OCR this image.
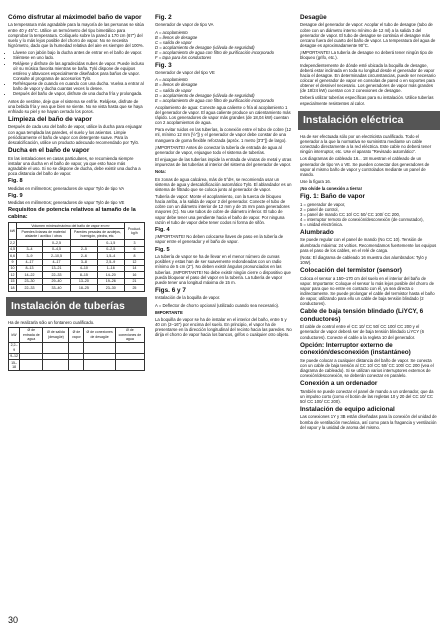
Cómo disfrutar al máximodel baño de vapor

La temperatura más agradable para la mayoría de las personas se sitúa entre 40 y 45°C. Utilice un termómetro del tipo bimetálico para comprobar la temperatura. Colóquelo sobre la pared a 170 cm (67") del suelo y lo más lejos posible del chorro de vapor. No se necesita higrómetro, dado que la humedad relativa del aire es siempre del 100%.

• Lávese con jabón bajo la ducha antes de entrar en el baño de vapor.
• Siéntese en uno lado.
• Relájese y disfrute de las agradecidas nubes de vapor. Puede incluso oír su música favorita mientras se baña. Tyló dispone de equipos estéreo y altavoces especialmente diseñados para baños de vapor. Consulte al programa de accesorios Tylö.
• Refrésquese de cuando en cuando con una ducha. Vuelva a entrar al baño de vapor y ducha cuantas veces lo desee.
• Después del baño de vapor, disfrute de una ducha fría y prolongada.

Antes de vestirse, deje que el sistema se enfríe. Relájese, disfrute de una bebida fría y vea que bien se siente. No se vista hasta que se haya enfriado su piel y se hayan cerrado los poros.

Limpieza del baño de vapor

Después de cada uso del baño de vapor, utilice la ducha para enjuagar con agua templada las paredes, el suelo y los asientos. Limpie periódicamente el baño de vapor con detergente suave. Para la descalcificación, utilice un producto adecuado recomendado por Tylö.

Ducha en el baño de vapor

En las instalaciones en casas particulares, se recomienda siempre instalar una ducha en el baño de vapor, ya que esto hace más agradable el uso. Si no se dispone de ducha, debe existir una ducha a poca distancia del baño de vapor.

Fig. 8

Medidas en milímetros; generadores de vapor Tylö de tipo VA

Fig. 9

Medidas en milímetros; generadores de vapor Tylö de tipo VE

Requisitos de potencia relativos al tamaño de la cabina:
kW	Volumen mínimo/máximo del baño de vapor en m³				Product. kg/h
	Paredes livianas de material aislante / acrílico / otros		Paredes pesadas de azulejos, hormigón, piedra, etc.		
2,2		0–2,5		0–1,5	3
4,5	3–4	0–4,5	2–5	0–2,5	6
6,6	3–9	2–10,5	2–6	1,5–4	8
9	4–17	4–17	3–8	2,5–9	12
10	8–13	13–21	4–10	1–16	14
12	14–22	22–33	8–15	14–20	16
15	23–30	29–40	13–20	19–26	21
18	22–33	33–40	18–25	23–30	25
Instalación de tuberías

Ha de realizarla sólo un fontanero cualificado.

kW	Ø de entrada de agua	Ø de salida (desagüe)	Ø de vapor	Ø de conexiones de desagüe	Ø de conexiones de agua
2,2–9					
9–12					
15–18					
Fig. 2

Generador de vapor de tipo VA

A = acoplamiento
B = llenos de desagüe
C = salida de vapor
D = acoplamiento de desagüe (válvula de seguridad)
E = acoplamiento de agua con filtro de purificación incorporado
F = tapa para los conductores
Fig. 3

Generador de vapor del tipo VE

A = acoplamiento
B = llenos de desagüe
C = salida de vapor
D = acoplamiento de desagüe (válvula de seguridad)
E = acoplamiento de agua con filtro de purificación incorporado

Acoplamiento de agua: Conecte agua caliente o fría al acoplamiento 1 del generador de vapor. El agua caliente produce un calentamiento más rápido. Los generadores de vapor más grandes (de 18,04 kW) cuentan con 2 acoplamientos de agua.

Para evitar ruidos en las tuberías, la conexión entre el tubo de cobre (12 ml, mínimo 12 mm [½"]) y el generador de vapor debe constar de una manguera de goma flexible reforzada (apróx. 1 metro [3'3"]) de largo).

¡IMPORTANTE! Antes de conectar la tubería de entrada de agua al generador de vapor, enjuague todo el sistema de tuberías.

El enjuague de las tuberías impide la entrada de virutas de metal y otras impurezas de las tuberías al interior del sistema del generador de vapor.

Nota:

En zonas de agua calcárea, más de 5°dH, se recomienda usar un sistema de agua y descalcificación automático Tylö. El ablandador es un sistema de filtrado que se coloca junto al generador de vapor.

Tubería de vapor: Monte el acoplamiento, con la tuerca de bloqueo hacia arriba, a la salida de vapor 2 del generador. Conecte el tubo de cobre con un diámetro interior de 12 mm y de 15 mm para generadores mayores (C). No use tubos de cobre de diámetro inferior. El tubo de vapor debe tener una pendiente hacia el baño de vapor. Por ninguna razón el tubo de vapor debe tener codos ni forma de sifón.

Fig. 4

¡IMPORTANTE! No deben colocarse llaves de paso en la tubería de vapor entre el generador y el baño de vapor.

Fig. 5

La tubería de vapor se ha de llevar en el menor número de curvas posibles y estas han de ser suavemente redondeadas con un radio mínimo de 5 cm (2"). No deben existir ángulos pronunciados en las tuberías. ¡IMPORTANTE! No debe existir ningún cierre o dispositivo que pueda bloquear el paso del vapor en la tubería. La tubería de vapor puede tener una longitud máxima de 15 m.

Figs. 6 y 7

Instalación de la boquilla de vapor.

A = Deflector de chorro opcional (utilizado cuando sea necesario).

IMPORTANTE

La boquilla de vapor se ha de instalar en el interior del baño, entre 5 y 40 cm (2–16") por encima del suelo. En principio, el vapor ha de presentarse en la dirección longitudinal del recinto hacia las paredes. No dirija el chorro de vapor hacia los bancos, grifos o cualquier otro objeto.

Desagüe

Desagüe del generador de vapor: Acoplar el tubo de desagüe (tubo de cobre con un diámetro interno mínimo de 12 ml) a la salida 3 del generador de vapor. El tubo de desagüe se continúa el desagüe más cercano fuera del cuarto del baño de vapor. La temperatura del agua de desagüe es aproximadamente 90°C.

¡IMPORTANTE! La tubería de desagüe no deberá tener ningún tipo de bloqueo (grifo, etc.).

Independientemente de dónde esté ubicada la boquilla de desagüe, deberá estar inclinada en toda su longitud desde el generador de vapor hacia el desagüe. En determinadas circunstancias, puede ser necesario colocar el generador de vapor en consolas de pared o en soportes para obtener el desnivel necesario. Los generadores de vapor más grandes (de 18/24 kW) cuentan con 2 conexiones de desagüe.

Deberá utilizar tuberías específicas para su instalación. Utilice tuberías especialmente resistentes al calor.

Instalación eléctrica

Ha de ser efectuada sólo por un electricista cualificado. Todo el generador a la que la normativa se suministra mediante un cable conectado directamente a la red eléctrica. Este cable no deberá tener ningún interruptor, etc. Use el aparato "Revisado automático".

Los diagramas de cableado 16... 18 muestran el cableado de un generador de tipo VA o VE. Se pueden conectar dos generadores de vapor al mismo baño de vapor y controlados mediante un panel de mando.

Use la figura 16.

¡No olvide la conexión a tierra!

Fig. 1: Baño de vapor
1 = generador de vapor,
2 = panel de control,
3 = panel de mando CC 10/ CC 50/ CC 100/ CC 200,
4 = interruptor remoto de conexión/desconexión (de conmutador),
5 = unidad electrónica.
Alumbrado

Se puede regular con el panel de mando (No CC 10). Tensión de alumbrado máxima: 24 voltios. Recomendamos fuertemente los equipos para el paso de los cables, en el relé de carga.

(Nota: El diagrama de cableado 16 muestra dos alumbrados: Tylö y 10W).

Colocación del termistor (sensor)

Coloca el sensor a 150–170 cm del suelo en el interior del baño de vapor. Importante: Coloque el sensor lo más lejos posible del chorro de vapor para que no entre en contacto con él, ya sea directa o indirectamente. Se puede prolongar el cable del termistor hasta el baño de vapor, utilizando para ello un cable de baja tensión blindado (2 conductores).

Cable de baja tensión blindado (LiYCY, 6 conductores)

El cable de control entre el CC 10/ CC 50/ CC 100/ CC 200 y el generador de vapor deberá ser de baja tensión blindado LiYCY (6 conductores). Conecte el cable a la regleta 10 del generador.

Opción: Interruptor externo de conexión/desconexión (instantáneo)

Se puede colocar a cualquier distancia del baño de vapor. Se conecta con un cable de baja tensión al CC 10/ CC 50/ CC 100/ CC 200 (vea el diagrama de cableado). Si se utilizan varios interruptores externos de conexión/desconexión, se deberán conectar en paralelo.

Conexión a un ordenador

También se puede conectar el panel de mando a un ordenador, que da un impulso corto (como el botón de las regletas 10 y 20 del CC 10/ CC 50/ CC 100/ CC 200).

Instalación de equipo adicional

Las conexiones 1Y y 3B están diseñadas para la conexión del unidad de bomba de ventilación mecánica, así como para la fragancia y ventilación del vapor y la unidad de aroma del mismo.

30
